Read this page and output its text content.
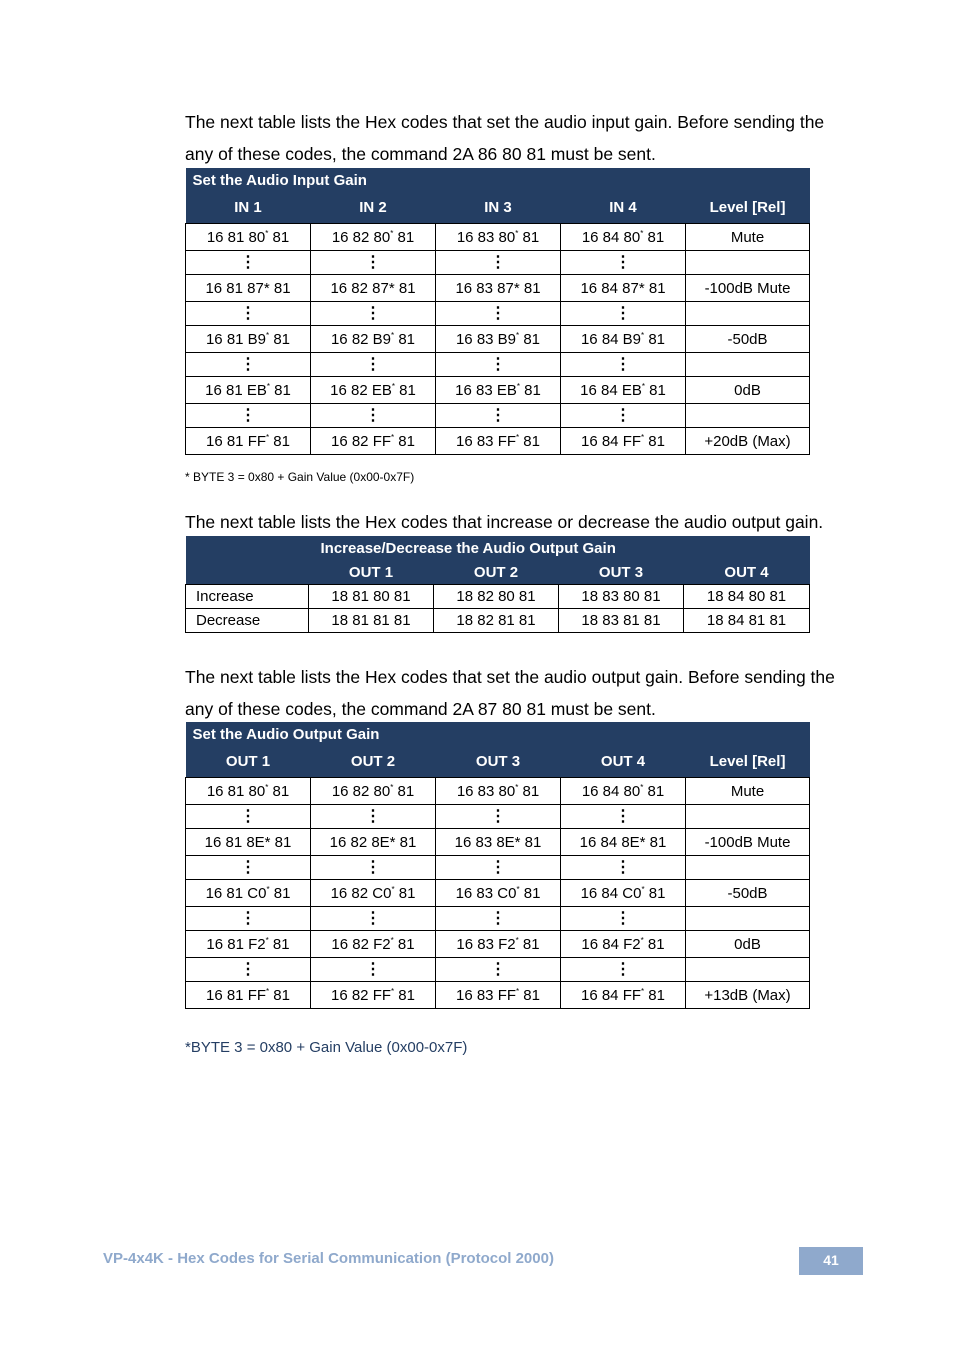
The next table lists the Hex codes that set the audio input gain. Before sending the any of these codes, the command 2A 86 80 81 must be sent.

Set the Audio Input Gain				
IN 1	IN 2	IN 3	IN 4	Level [Rel]
16 81 80* 81	16 82 80* 81	16 83 80* 81	16 84 80* 81	Mute
⋮	⋮	⋮	⋮	
16 81 87* 81	16 82 87* 81	16 83 87* 81	16 84 87* 81	-100dB Mute
⋮	⋮	⋮	⋮	
16 81 B9* 81	16 82 B9* 81	16 83 B9* 81	16 84 B9* 81	-50dB
⋮	⋮	⋮	⋮	
16 81 EB* 81	16 82 EB* 81	16 83 EB* 81	16 84 EB* 81	0dB
⋮	⋮	⋮	⋮	
16 81 FF* 81	16 82 FF* 81	16 83 FF* 81	16 84 FF* 81	+20dB (Max)
* BYTE 3 = 0x80 + Gain Value (0x00-0x7F)

The next table lists the Hex codes that increase or decrease the audio output gain.

	Increase/Decrease the Audio Output Gain			
	OUT 1	OUT 2	OUT 3	OUT 4
Increase	18 81 80 81	18 82 80 81	18 83 80 81	18 84 80 81
Decrease	18 81 81 81	18 82 81 81	18 83 81 81	18 84 81 81

The next table lists the Hex codes that set the audio output gain. Before sending the any of these codes, the command 2A 87 80 81 must be sent.

Set the Audio Output Gain				
OUT 1	OUT 2	OUT 3	OUT 4	Level [Rel]
16 81 80* 81	16 82 80* 81	16 83 80* 81	16 84 80* 81	Mute
⋮	⋮	⋮	⋮	
16 81 8E* 81	16 82 8E* 81	16 83 8E* 81	16 84 8E* 81	-100dB Mute
⋮	⋮	⋮	⋮	
16 81 C0* 81	16 82 C0* 81	16 83 C0* 81	16 84 C0* 81	-50dB
⋮	⋮	⋮	⋮	
16 81 F2* 81	16 82 F2* 81	16 83 F2* 81	16 84 F2* 81	0dB
⋮	⋮	⋮	⋮	
16 81 FF* 81	16 82 FF* 81	16 83 FF* 81	16 84 FF* 81	+13dB (Max)
*BYTE 3 = 0x80 + Gain Value (0x00-0x7F)
VP-4x4K - Hex Codes for Serial Communication (Protocol 2000)	41
